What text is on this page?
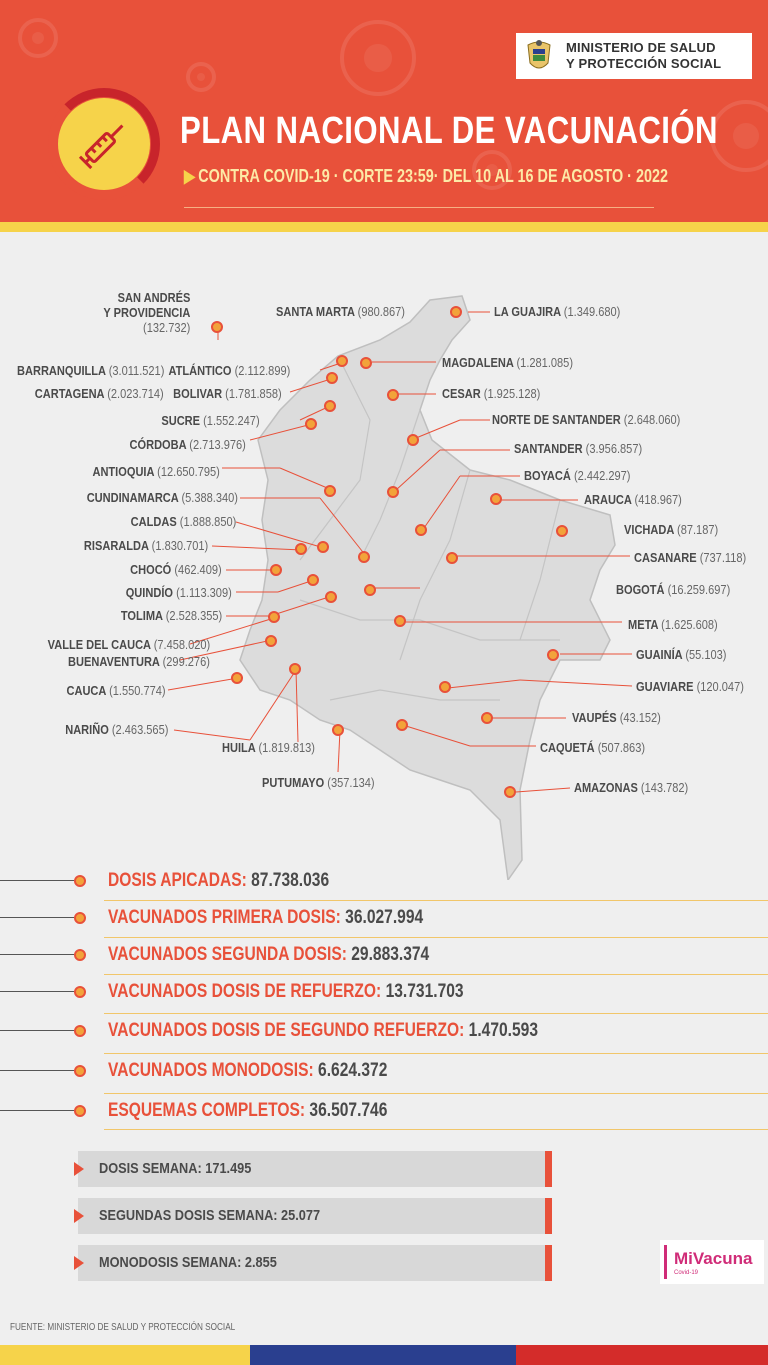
MINISTERIO DE SALUD
Y PROTECCIÓN SOCIAL
PLAN NACIONAL DE VACUNACIÓN
▶ CONTRA COVID-19 · CORTE 23:59· DEL 10 AL 16 DE AGOSTO · 2022
SAN ANDRÉS
Y PROVIDENCIA
(132.732)
SANTA MARTA (980.867)	LA GUAJIRA (1.349.680)
BARRANQUILLA (3.011.521) ATLÁNTICO (2.112.899)
MAGDALENA (1.281.085)
CARTAGENA (2.023.714) BOLIVAR (1.781.858)	CESAR (1.925.128)
SUCRE (1.552.247)	NORTE DE SANTANDER (2.648.060)
CÓRDOBA (2.713.976)	SANTANDER (3.956.857)
ANTIOQUIA (12.650.795)	BOYACÁ (2.442.297)
CUNDINAMARCA (5.388.340)	ARAUCA (418.967)
CALDAS (1.888.850)
VICHADA (87.187)
RISARALDA (1.830.701)
CASANARE (737.118)
CHOCÓ (462.409)
QUINDÍO (1.113.309)	BOGOTÁ (16.259.697)
TOLIMA (2.528.355)
META (1.625.608)
VALLE DEL CAUCA (7.458.020)
BUENAVENTURA (299.276)	GUAINÍA (55.103)
CAUCA (1.550.774)	GUAVIARE (120.047)
VAUPÉS (43.152)
NARIÑO (2.463.565)
HUILA (1.819.813)	CAQUETÁ (507.863)
AMAZONAS (143.782)
PUTUMAYO (357.134)
DOSIS APICADAS: 87.738.036
VACUNADOS PRIMERA DOSIS: 36.027.994
VACUNADOS SEGUNDA DOSIS: 29.883.374
VACUNADOS DOSIS DE REFUERZO: 13.731.703
VACUNADOS DOSIS DE SEGUNDO REFUERZO: 1.470.593
VACUNADOS MONODOSIS: 6.624.372
ESQUEMAS COMPLETOS: 36.507.746
DOSIS SEMANA: 171.495
SEGUNDAS DOSIS SEMANA: 25.077
MONODOSIS SEMANA: 2.855	MiVacuna
Covid-19
FUENTE: MINISTERIO DE SALUD Y PROTECCIÓN SOCIAL
